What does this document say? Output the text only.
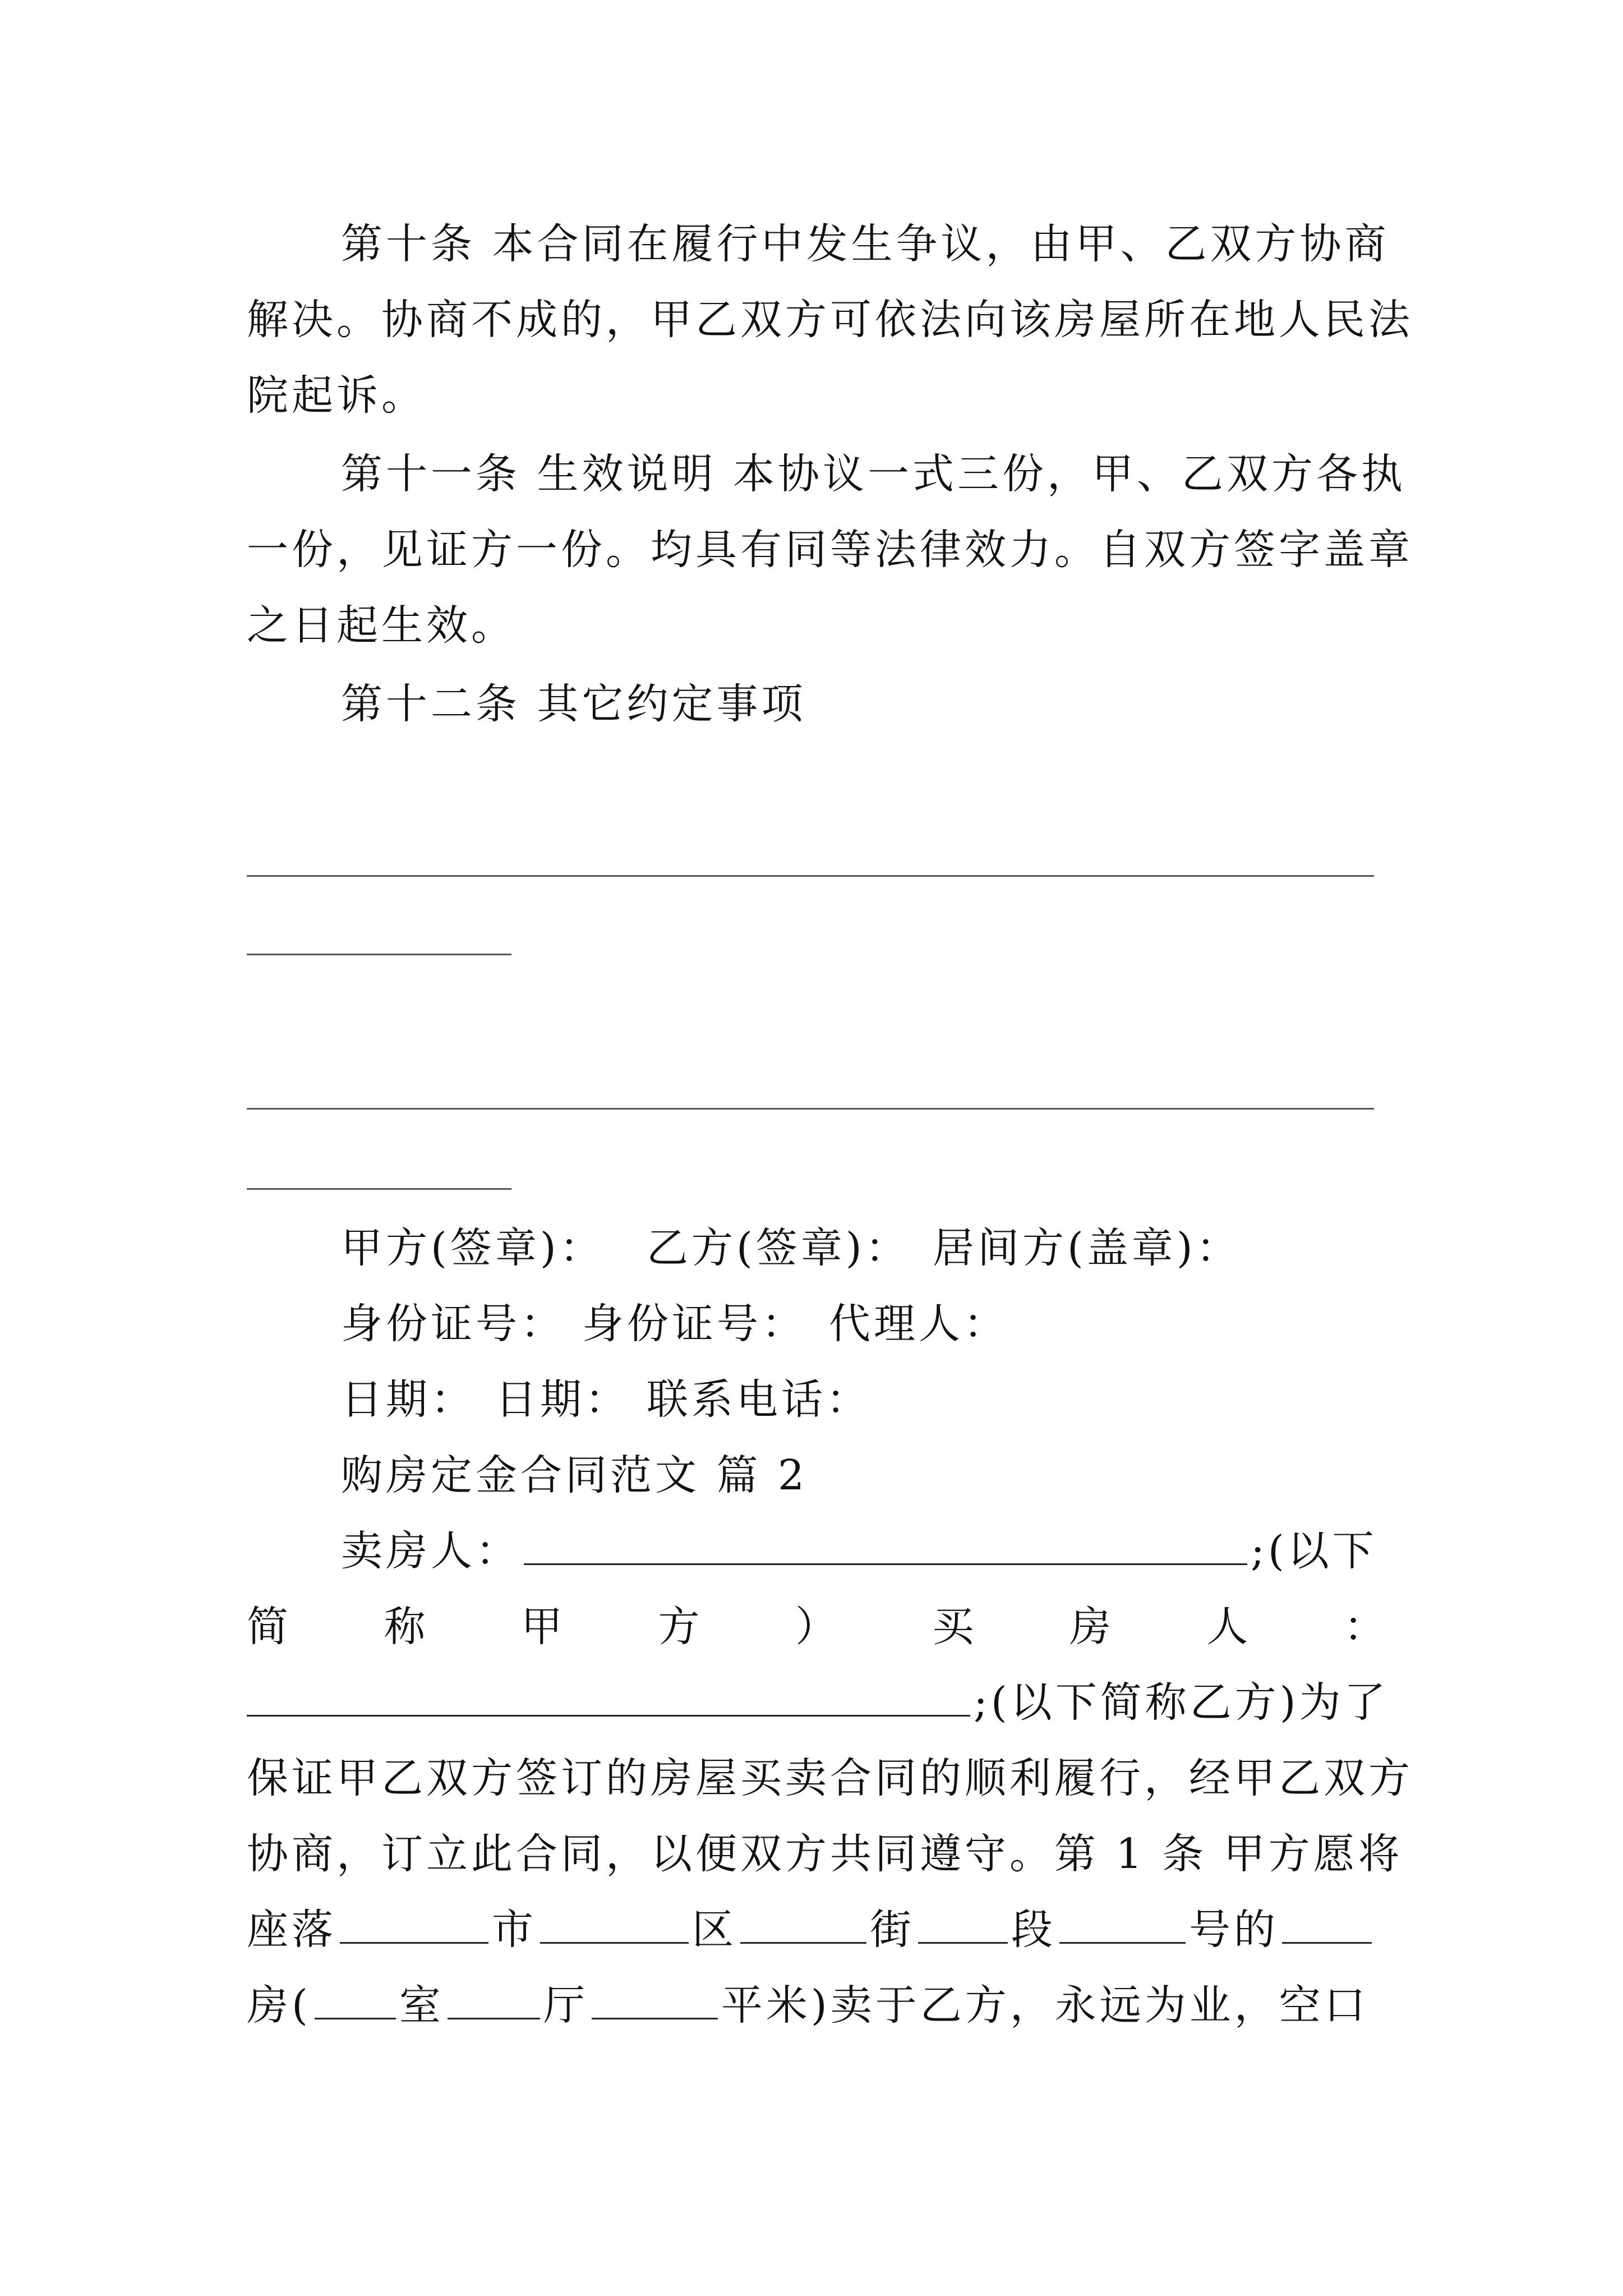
第十条 本合同在履行中发生争议，由甲、乙双方协商
解决。协商不成的，甲乙双方可依法向该房屋所在地人民法
院起诉。
第十一条 生效说明 本协议一式三份，甲、乙双方各执
一份，见证方一份。均具有同等法律效力。自双方签字盖章
之日起生效。
第十二条 其它约定事项
甲方(签章)： 乙方(签章)： 居间方(盖章)：
身份证号： 身份证号： 代理人：
日期： 日期： 联系电话：
购房定金合同范文 篇 2
卖房人：	;(以下
简 称 甲 方 ） 买 房 人 ：
;(以下简称乙方)为了
保证甲乙双方签订的房屋买卖合同的顺利履行，经甲乙双方
协商，订立此合同，以便双方共同遵守。第 1 条 甲方愿将
座落	市	区	街 段	号的
房( 室 厅	平米)卖于乙方，永远为业，空口
